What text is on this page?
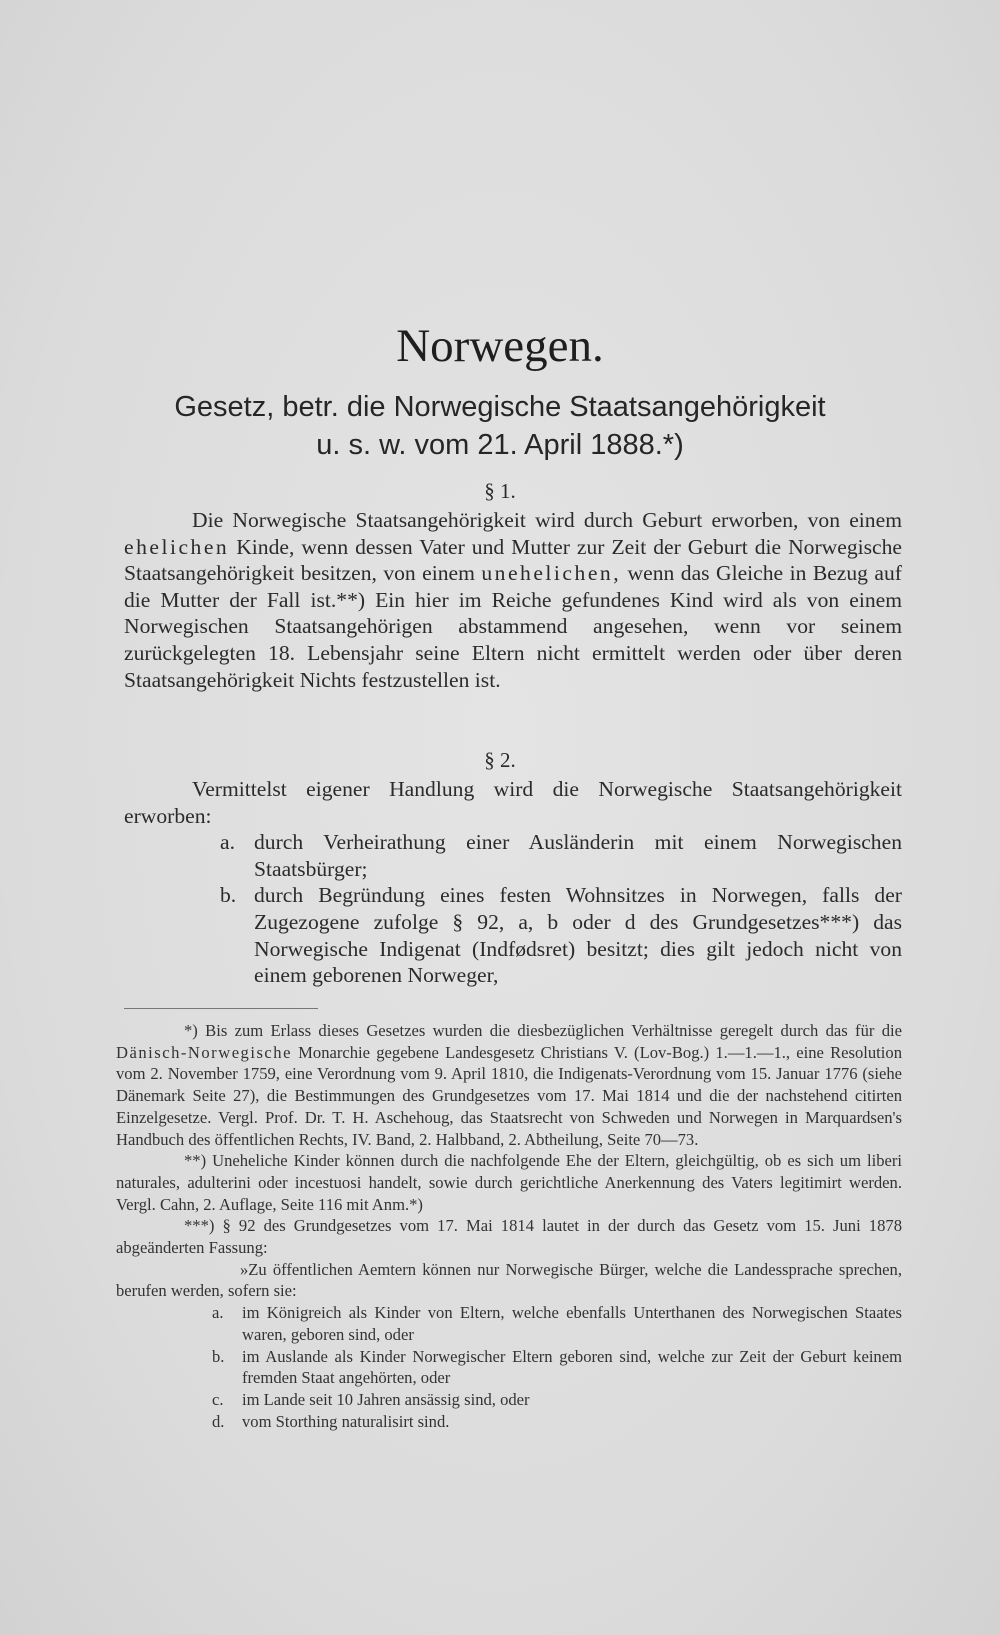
Norwegen.
Gesetz, betr. die Norwegische Staatsangehörigkeit
u. s. w. vom 21. April 1888.*)
§ 1.

Die Norwegische Staatsangehörigkeit wird durch Geburt erworben, von einem ehelichen Kinde, wenn dessen Vater und Mutter zur Zeit der Geburt die Norwegische Staatsangehörigkeit besitzen, von einem unehelichen, wenn das Gleiche in Bezug auf die Mutter der Fall ist.**) Ein hier im Reiche gefundenes Kind wird als von einem Norwegischen Staatsangehörigen abstammend angesehen, wenn vor seinem zurückgelegten 18. Lebensjahr seine Eltern nicht ermittelt werden oder über deren Staatsangehörigkeit Nichts festzustellen ist.

§ 2.

Vermittelst eigener Handlung wird die Norwegische Staatsangehörigkeit erworben:

a. durch Verheirathung einer Ausländerin mit einem Norwegischen Staatsbürger;
b. durch Begründung eines festen Wohnsitzes in Norwegen, falls der Zugezogene zufolge § 92, a, b oder d des Grundgesetzes***) das Norwegische Indigenat (Indfødsret) besitzt; dies gilt jedoch nicht von einem geborenen Norweger,

*) Bis zum Erlass dieses Gesetzes wurden die diesbezüglichen Verhältnisse geregelt durch das für die Dänisch-Norwegische Monarchie gegebene Landesgesetz Christians V. (Lov-Bog.) 1.—1.—1., eine Resolution vom 2. November 1759, eine Verordnung vom 9. April 1810, die Indigenats-Verordnung vom 15. Januar 1776 (siehe Dänemark Seite 27), die Bestimmungen des Grundgesetzes vom 17. Mai 1814 und die der nachstehend citirten Einzelgesetze. Vergl. Prof. Dr. T. H. Aschehoug, das Staatsrecht von Schweden und Norwegen in Marquardsen's Handbuch des öffentlichen Rechts, IV. Band, 2. Halbband, 2. Abtheilung, Seite 70—73.

**) Uneheliche Kinder können durch die nachfolgende Ehe der Eltern, gleichgültig, ob es sich um liberi naturales, adulterini oder incestuosi handelt, sowie durch gerichtliche Anerkennung des Vaters legitimirt werden. Vergl. Cahn, 2. Auflage, Seite 116 mit Anm.*)

***) § 92 des Grundgesetzes vom 17. Mai 1814 lautet in der durch das Gesetz vom 15. Juni 1878 abgeänderten Fassung:

»Zu öffentlichen Aemtern können nur Norwegische Bürger, welche die Landessprache sprechen, berufen werden, sofern sie:

a.	im Königreich als Kinder von Eltern, welche ebenfalls Unterthanen des Norwegischen Staates waren, geboren sind, oder
b.	im Auslande als Kinder Norwegischer Eltern geboren sind, welche zur Zeit der Geburt keinem fremden Staat angehörten, oder
c.	im Lande seit 10 Jahren ansässig sind, oder
d.	vom Storthing naturalisirt sind.
